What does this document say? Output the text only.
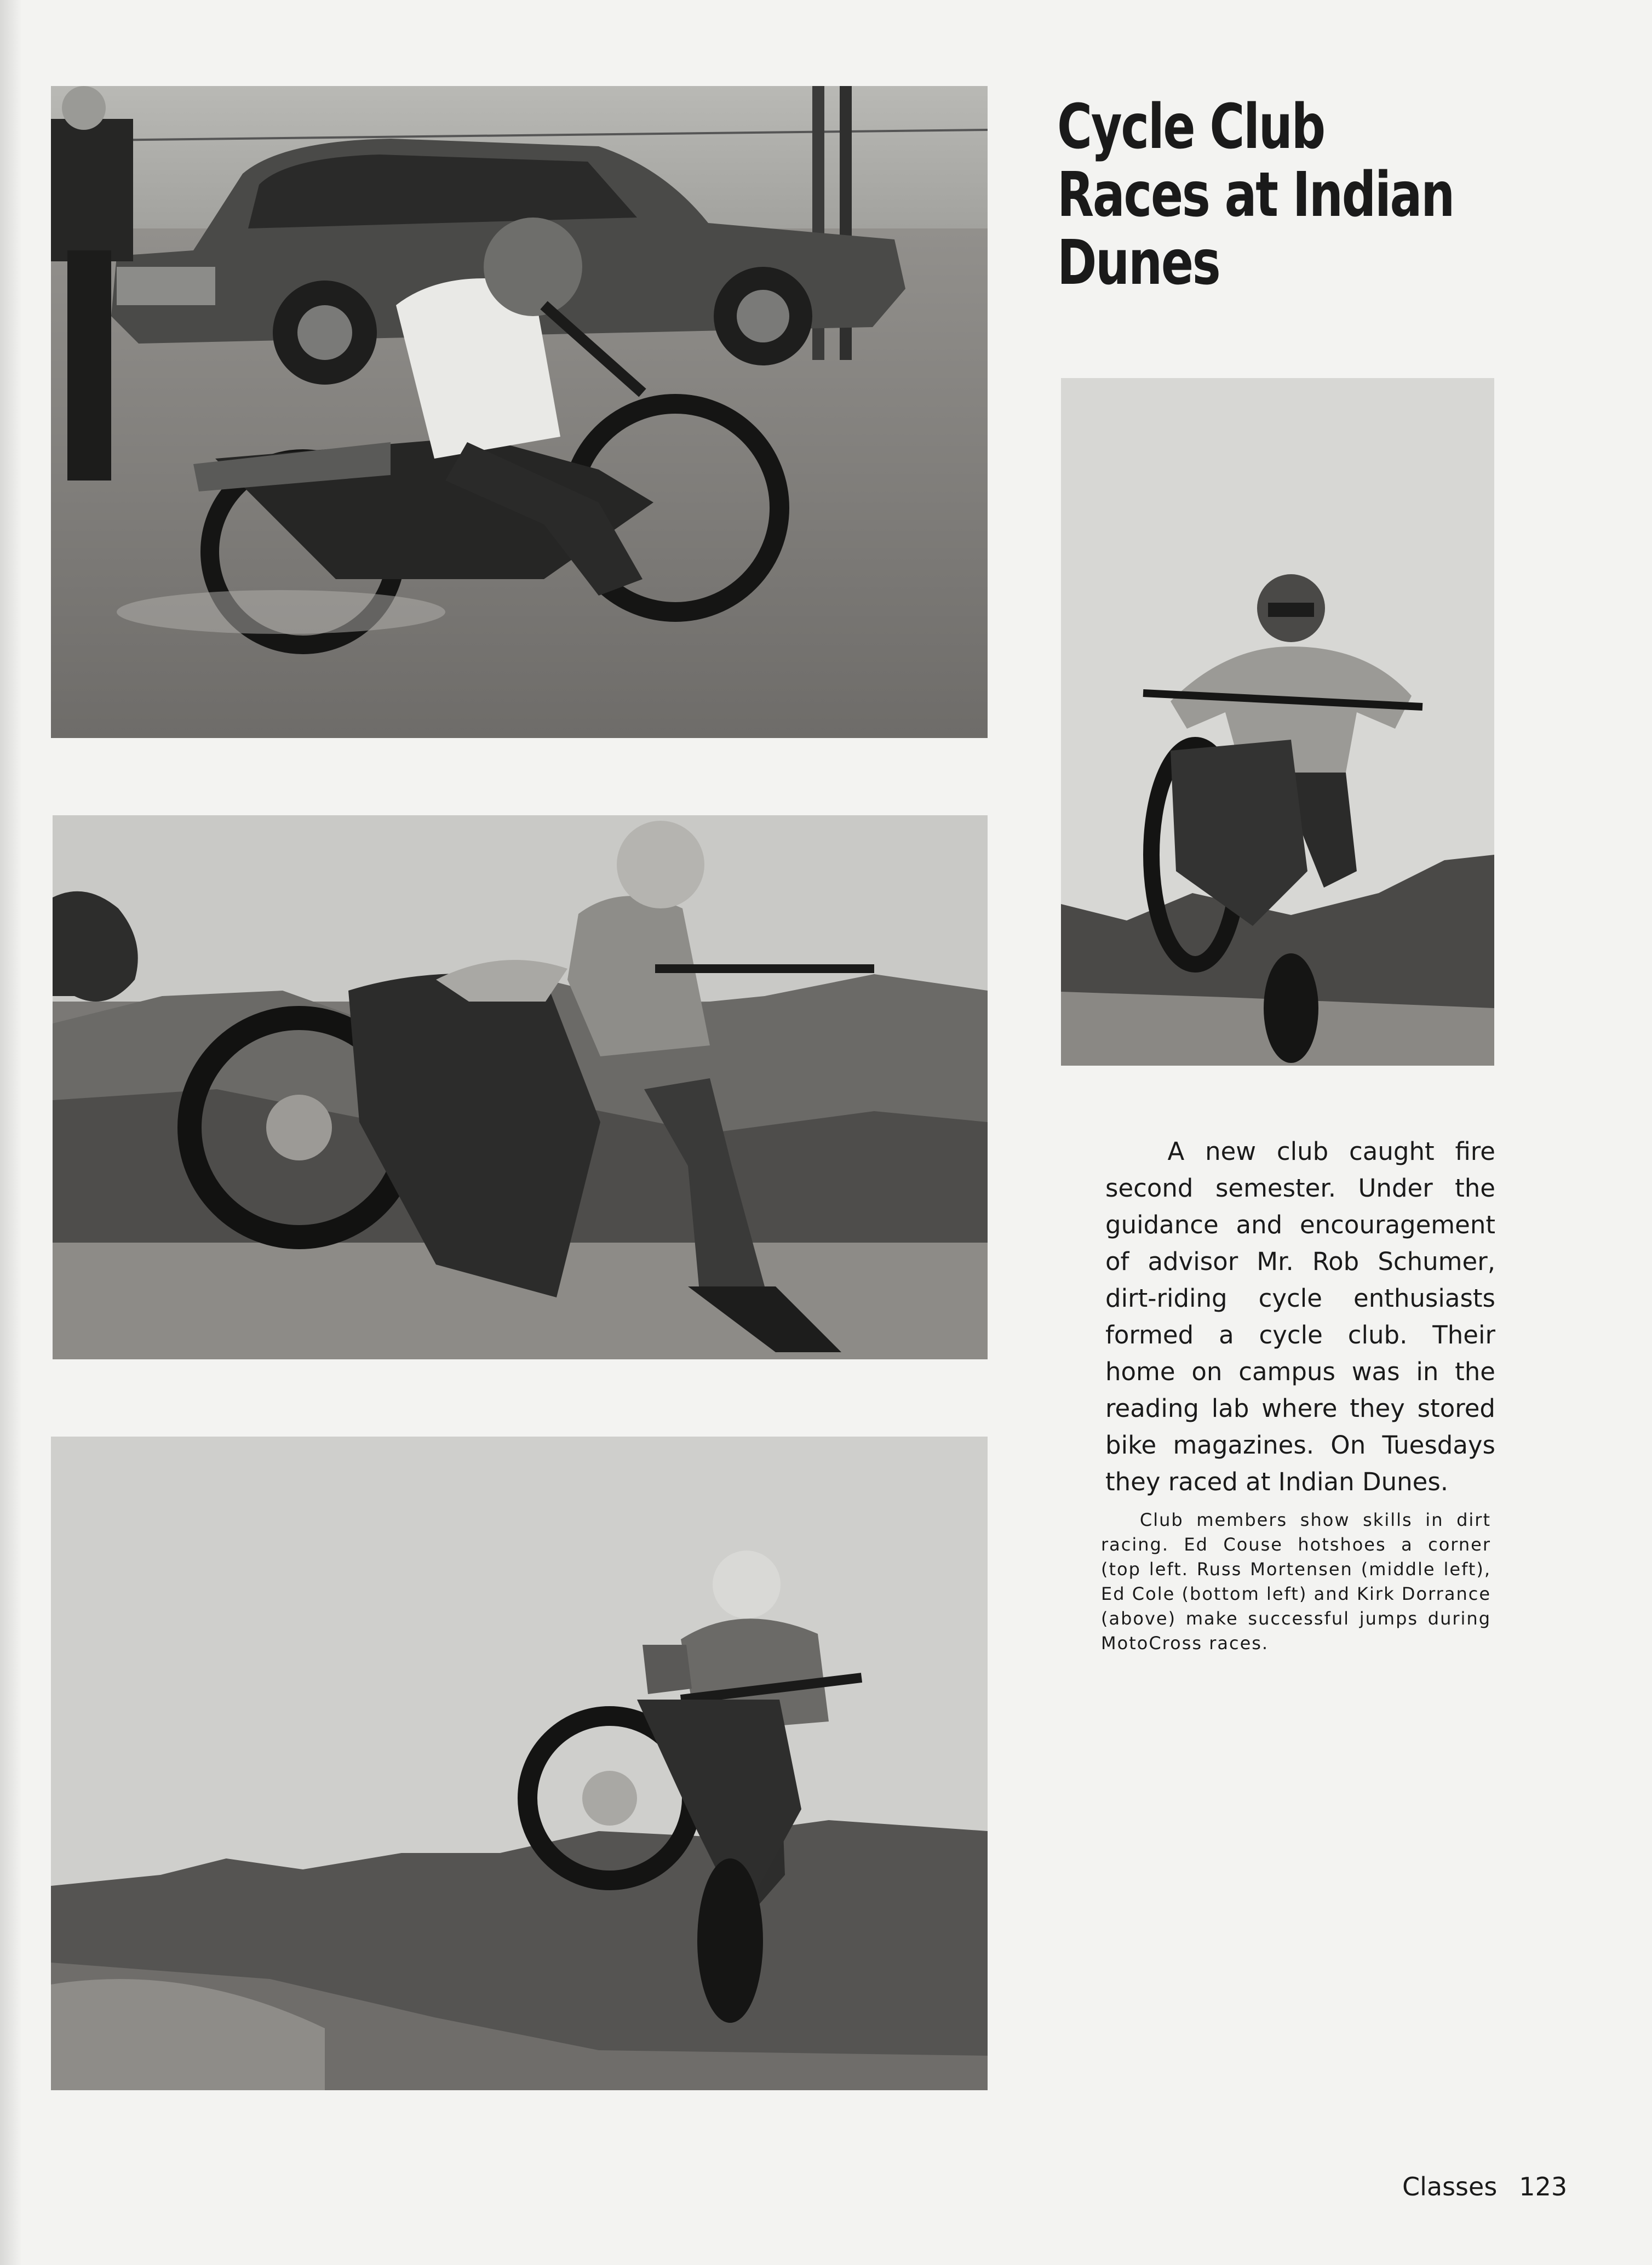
Cycle Club Races at Indian Dunes

A new club caught fire second semester. Under the guidance and encouragement of advisor Mr. Rob Schumer, dirt-riding cycle enthusiasts formed a cycle club. Their home on campus was in the reading lab where they stored bike magazines. On Tuesdays they raced at Indian Dunes.

Club members show skills in dirt racing. Ed Couse hotshoes a corner (top left. Russ Mortensen (middle left), Ed Cole (bottom left) and Kirk Dorrance (above) make successful jumps during MotoCross races.

Classes 123
